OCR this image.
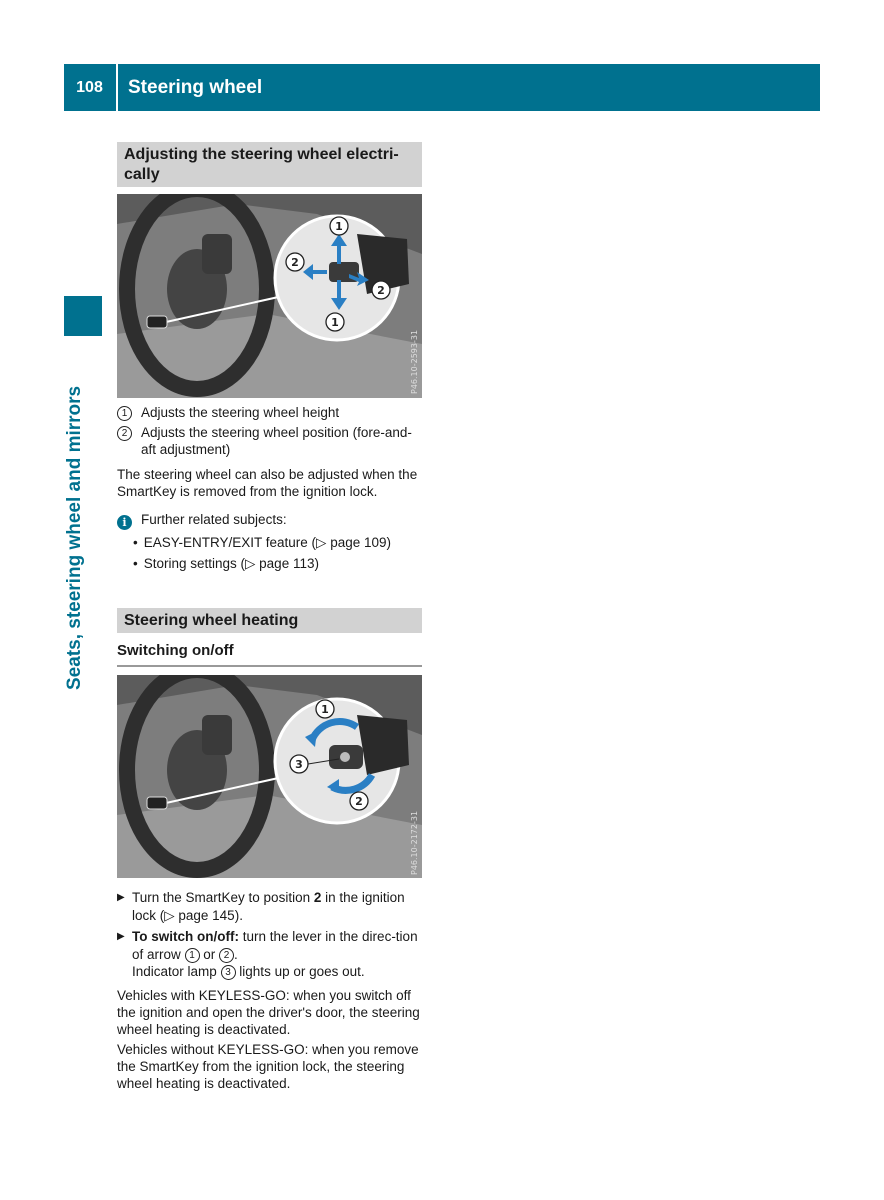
108	Steering wheel
Seats, steering wheel and mirrors
Adjusting the steering wheel electri-cally
1
2
2
1
P46.10-2593-31
1	Adjusts the steering wheel height
2	Adjusts the steering wheel position (fore-and-aft adjustment)
The steering wheel can also be adjusted when the SmartKey is removed from the ignition lock.
i Further related subjects:
• EASY-ENTRY/EXIT feature (▷ page 109)
• Storing settings (▷ page 113)
Steering wheel heating
Switching on/off
1
3
2
P46.10-2172-31
▶ Turn the SmartKey to position 2 in the ignition lock (▷ page 145).
▶ To switch on/off: turn the lever in the direc-tion of arrow 1 or 2 .
Indicator lamp 3 lights up or goes out.
Vehicles with KEYLESS-GO: when you switch off the ignition and open the driver's door, the steering wheel heating is deactivated.
Vehicles without KEYLESS-GO: when you remove the SmartKey from the ignition lock, the steering wheel heating is deactivated.
